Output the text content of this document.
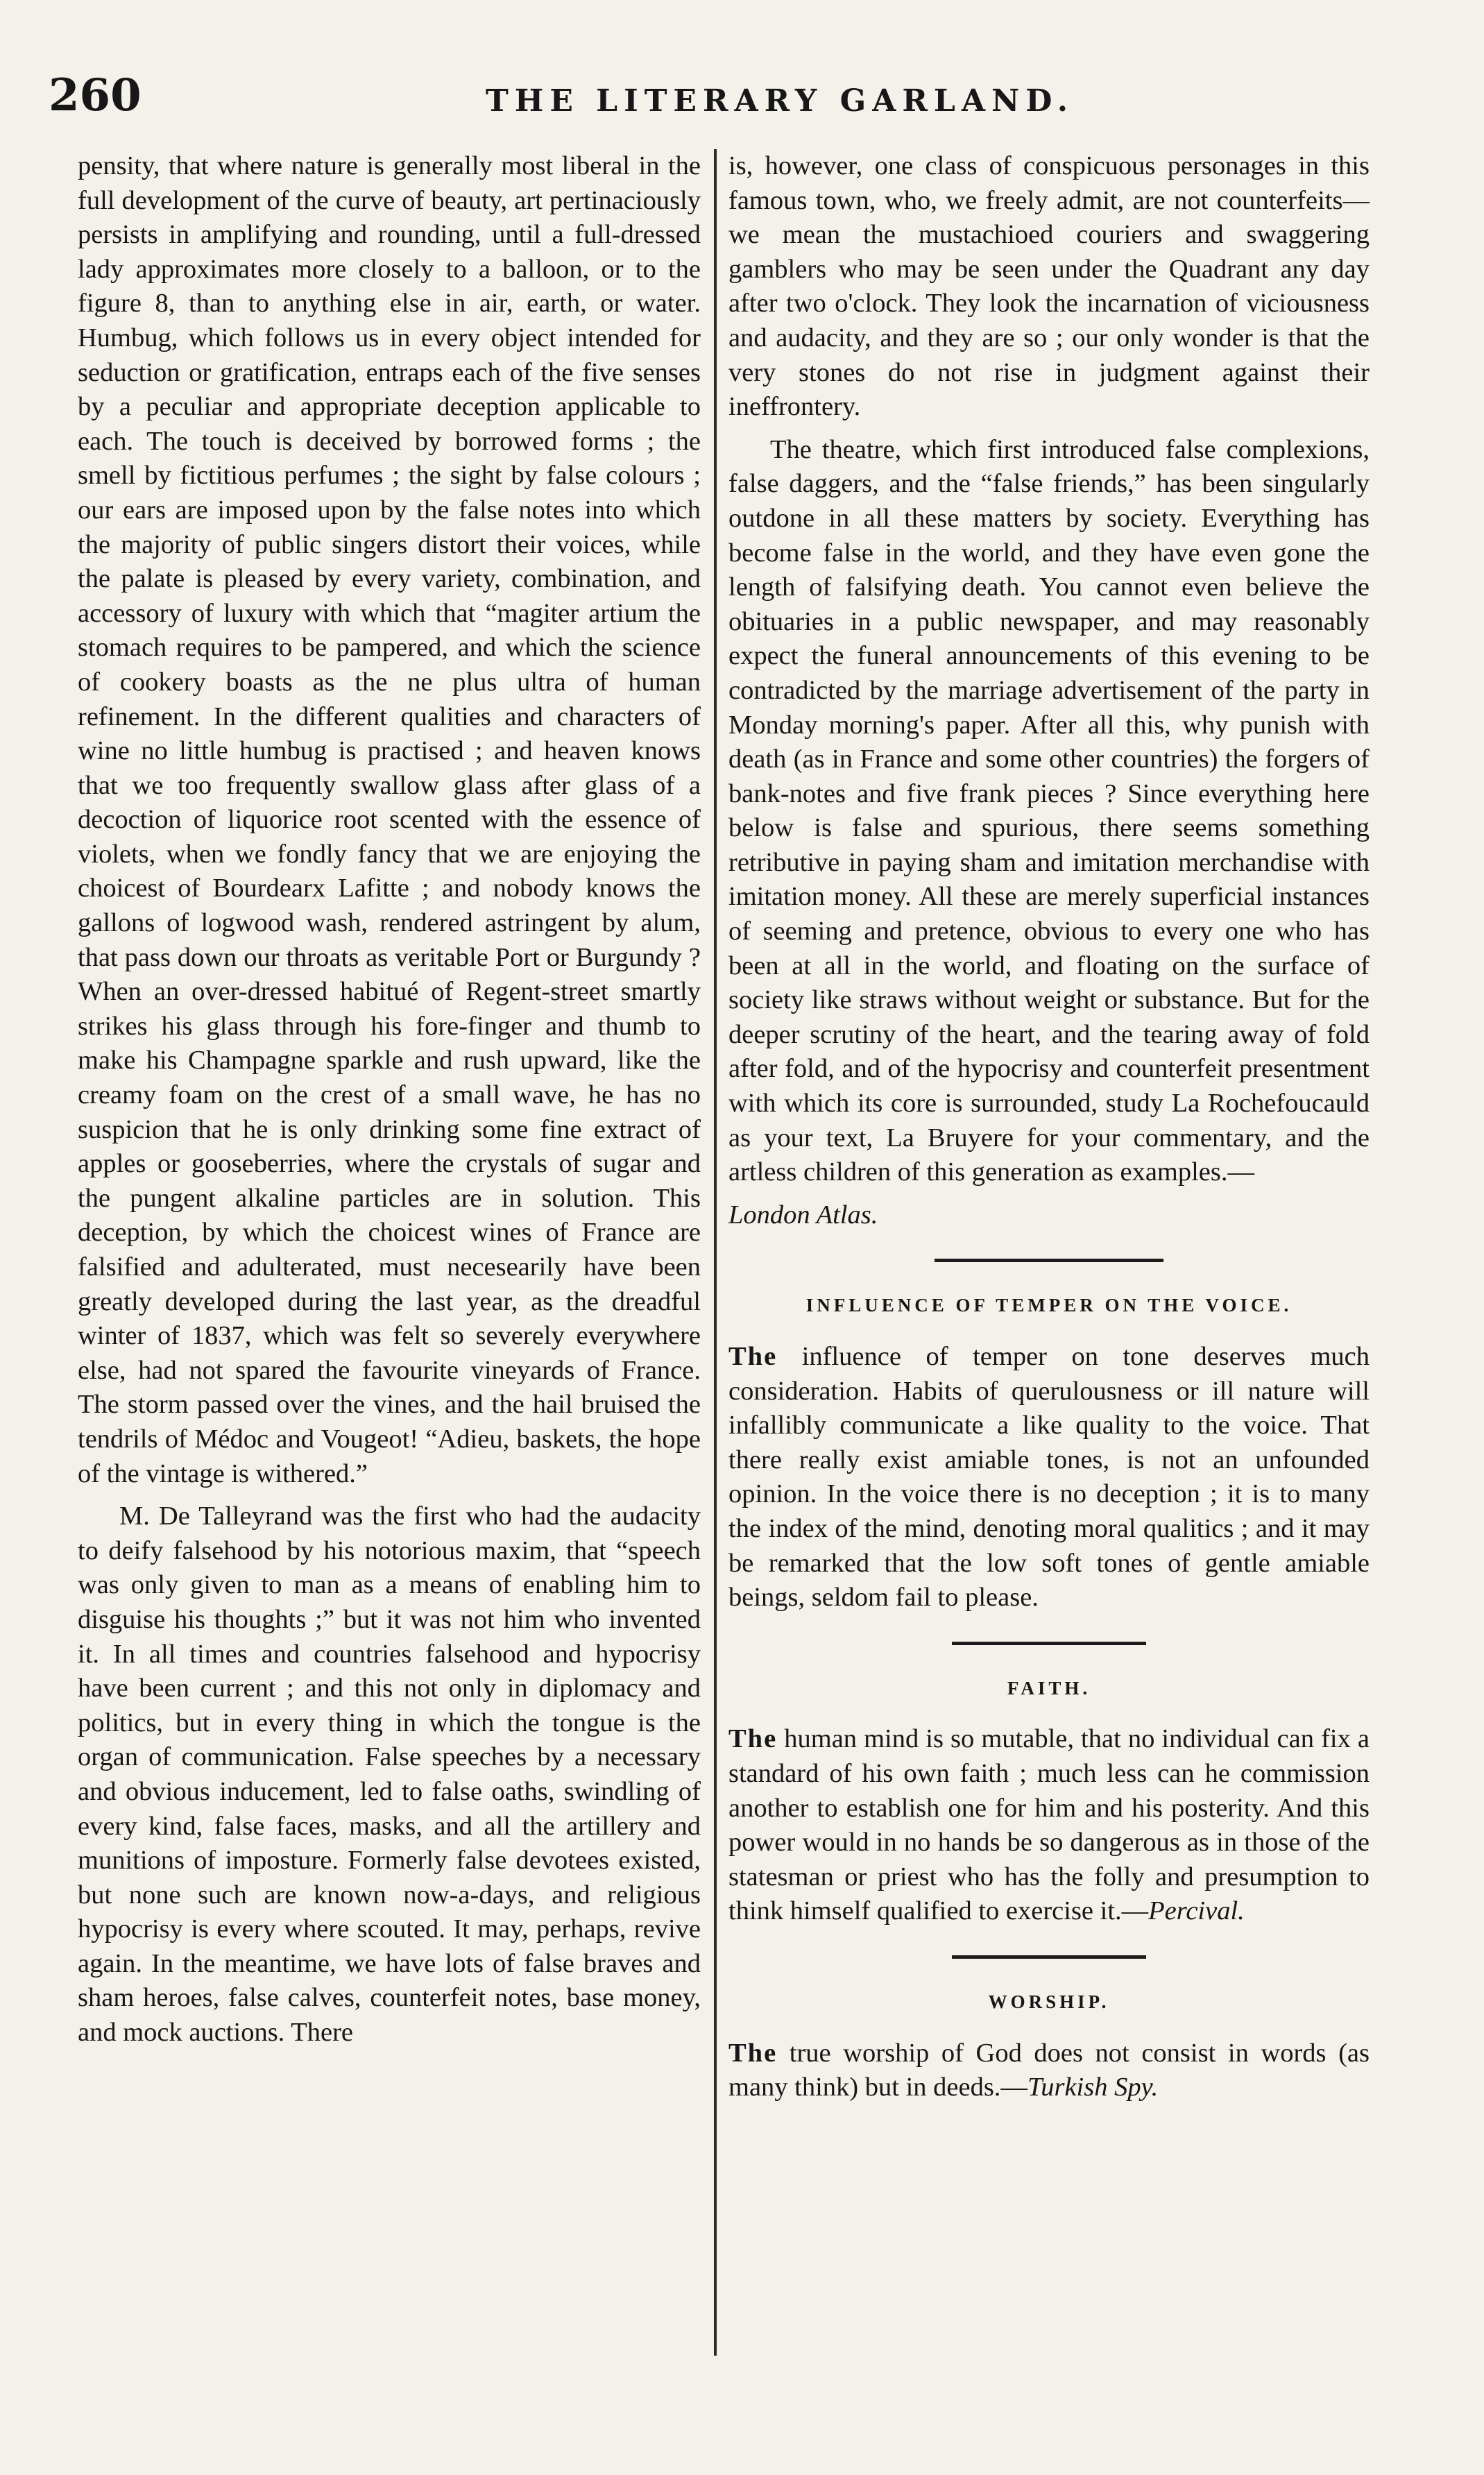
260	THE LITERARY GARLAND.

pensity, that where nature is generally most liberal in the full development of the curve of beauty, art pertinaciously persists in amplifying and rounding, until a full-dressed lady approximates more closely to a balloon, or to the figure 8, than to anything else in air, earth, or water. Humbug, which follows us in every object intended for seduction or gratification, entraps each of the five senses by a peculiar and appropriate deception applicable to each. The touch is deceived by borrowed forms ; the smell by fictitious perfumes ; the sight by false colours ; our ears are imposed upon by the false notes into which the majority of public singers distort their voices, while the palate is pleased by every variety, combination, and accessory of luxury with which that “magiter artium the stomach requires to be pampered, and which the science of cookery boasts as the ne plus ultra of human refinement. In the different qualities and characters of wine no little humbug is practised ; and heaven knows that we too frequently swallow glass after glass of a decoction of liquorice root scented with the essence of violets, when we fondly fancy that we are enjoying the choicest of Bourdearx Lafitte ; and nobody knows the gallons of logwood wash, rendered astringent by alum, that pass down our throats as veritable Port or Burgundy ? When an over-dressed habitué of Regent-street smartly strikes his glass through his fore-finger and thumb to make his Champagne sparkle and rush upward, like the creamy foam on the crest of a small wave, he has no suspicion that he is only drinking some fine extract of apples or gooseberries, where the crystals of sugar and the pungent alkaline particles are in solution. This deception, by which the choicest wines of France are falsified and adulterated, must necesearily have been greatly developed during the last year, as the dreadful winter of 1837, which was felt so severely everywhere else, had not spared the favourite vineyards of France. The storm passed over the vines, and the hail bruised the tendrils of Médoc and Vougeot! “Adieu, baskets, the hope of the vintage is withered.”

M. De Talleyrand was the first who had the audacity to deify falsehood by his notorious maxim, that “speech was only given to man as a means of enabling him to disguise his thoughts ;” but it was not him who invented it. In all times and countries falsehood and hypocrisy have been current ; and this not only in diplomacy and politics, but in every thing in which the tongue is the organ of communication. False speeches by a necessary and obvious inducement, led to false oaths, swindling of every kind, false faces, masks, and all the artillery and munitions of imposture. Formerly false devotees existed, but none such are known now-a-days, and religious hypocrisy is every where scouted. It may, perhaps, revive again. In the meantime, we have lots of false braves and sham heroes, false calves, counterfeit notes, base money, and mock auctions. There

is, however, one class of conspicuous personages in this famous town, who, we freely admit, are not counterfeits—we mean the mustachioed couriers and swaggering gamblers who may be seen under the Quadrant any day after two o'clock. They look the incarnation of viciousness and audacity, and they are so ; our only wonder is that the very stones do not rise in judgment against their ineffrontery.

The theatre, which first introduced false complexions, false daggers, and the “false friends,” has been singularly outdone in all these matters by society. Everything has become false in the world, and they have even gone the length of falsifying death. You cannot even believe the obituaries in a public newspaper, and may reasonably expect the funeral announcements of this evening to be contradicted by the marriage advertisement of the party in Monday morning's paper. After all this, why punish with death (as in France and some other countries) the forgers of bank-notes and five frank pieces ? Since everything here below is false and spurious, there seems something retributive in paying sham and imitation merchandise with imitation money. All these are merely superficial instances of seeming and pretence, obvious to every one who has been at all in the world, and floating on the surface of society like straws without weight or substance. But for the deeper scrutiny of the heart, and the tearing away of fold after fold, and of the hypocrisy and counterfeit presentment with which its core is surrounded, study La Rochefoucauld as your text, La Bruyere for your commentary, and the artless children of this generation as examples.—

London Atlas.

INFLUENCE OF TEMPER ON THE VOICE.

The influence of temper on tone deserves much consideration. Habits of querulousness or ill nature will infallibly communicate a like quality to the voice. That there really exist amiable tones, is not an unfounded opinion. In the voice there is no deception ; it is to many the index of the mind, denoting moral qualitics ; and it may be remarked that the low soft tones of gentle amiable beings, seldom fail to please.

FAITH.

The human mind is so mutable, that no individual can fix a standard of his own faith ; much less can he commission another to establish one for him and his posterity. And this power would in no hands be so dangerous as in those of the statesman or priest who has the folly and presumption to think himself qualified to exercise it.—Percival.

WORSHIP.

The true worship of God does not consist in words (as many think) but in deeds.—Turkish Spy.
